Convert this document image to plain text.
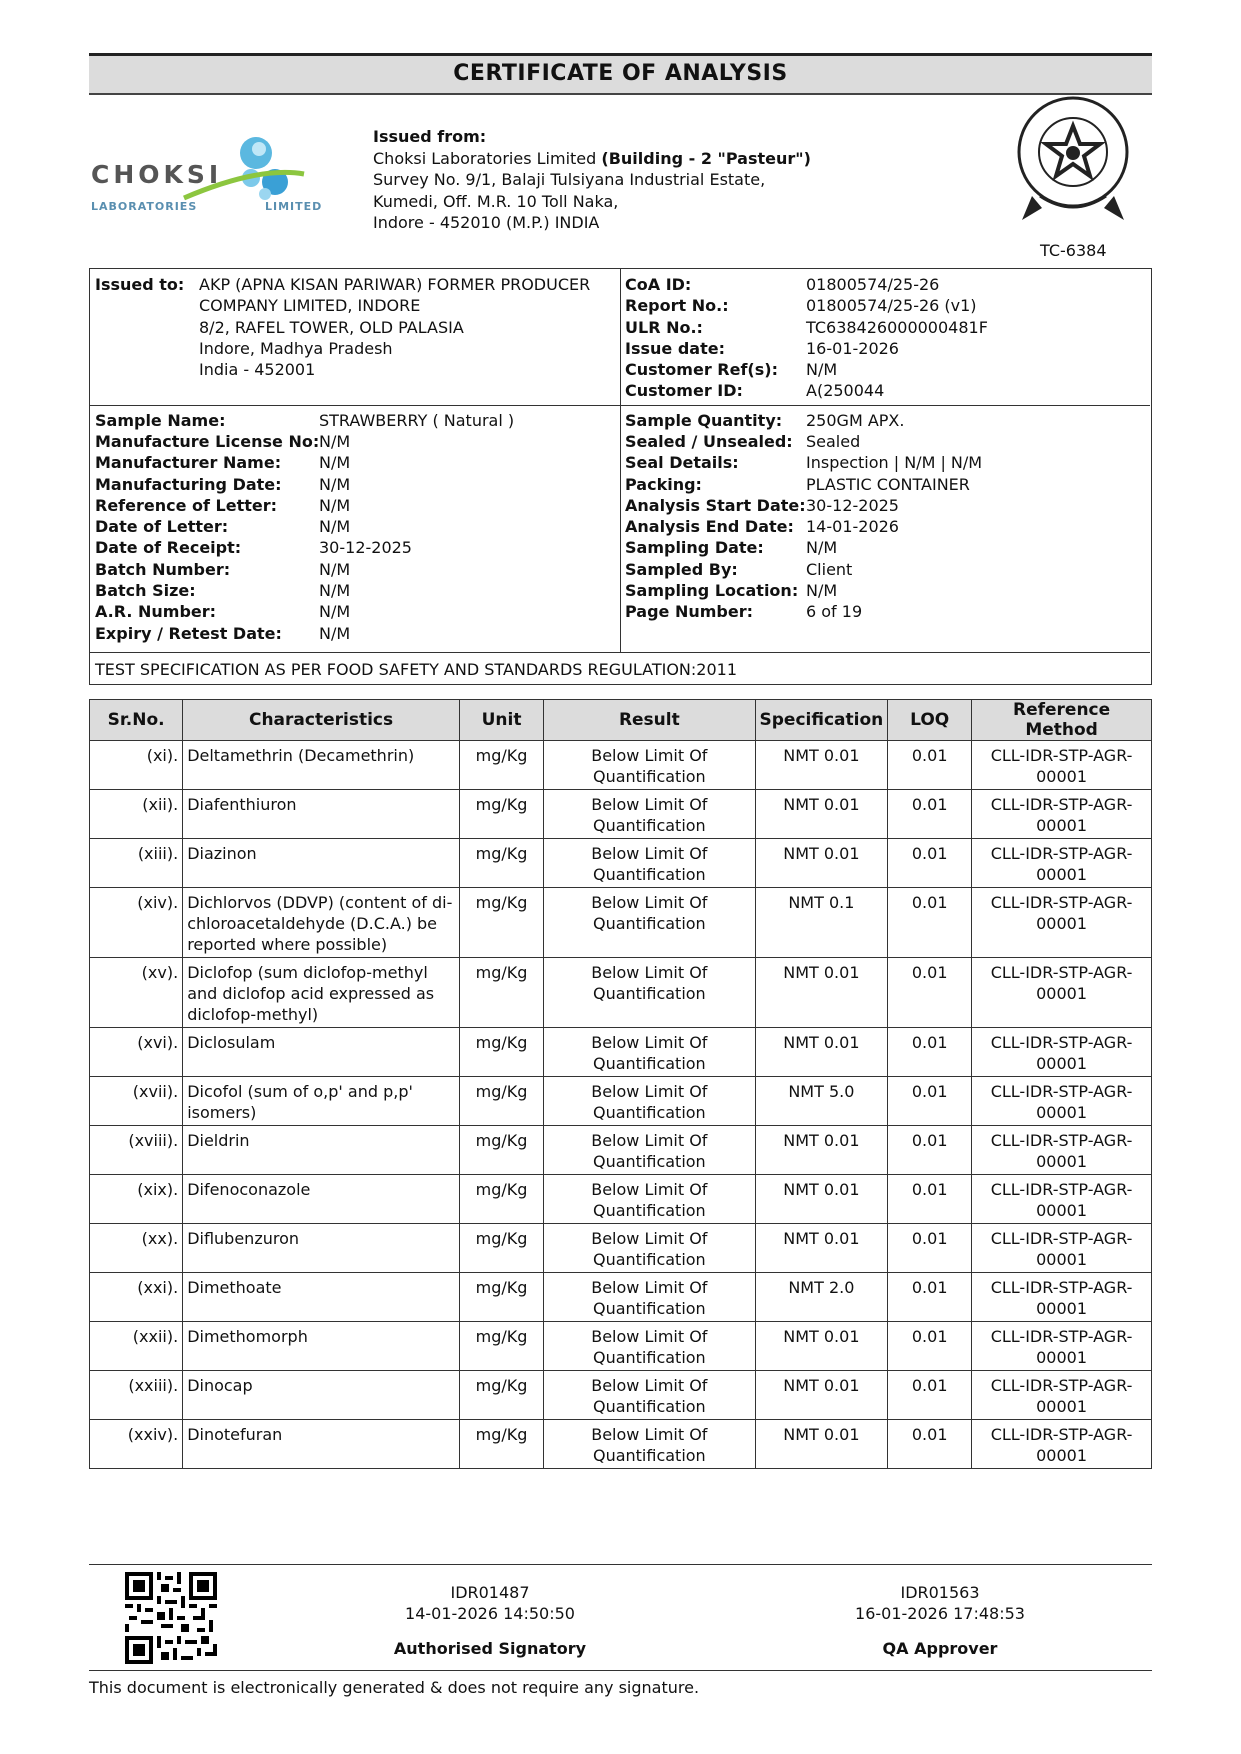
CERTIFICATE OF ANALYSIS
CHOKSI
LABORATORIES	LIMITED
Issued from:
Choksi Laboratories Limited (Building - 2 "Pasteur")
Survey No. 9/1, Balaji Tulsiyana Industrial Estate,
Kumedi, Off. M.R. 10 Toll Naka,
Indore - 452010 (M.P.) INDIA
TC-6384
Issued to: AKP (APNA KISAN PARIWAR) FORMER PRODUCER
COMPANY LIMITED, INDORE
8/2, RAFEL TOWER, OLD PALASIA
Indore, Madhya Pradesh
India - 452001
CoA ID:	01800574/25-26
Report No.:	01800574/25-26 (v1)
ULR No.:	TC638426000000481F
Issue date:	16-01-2026
Customer Ref(s): N/M
Customer ID:	A(250044
Sample Name:	STRAWBERRY ( Natural )
Manufacture License No: N/M
Manufacturer Name: N/M
Manufacturing Date: N/M
Reference of Letter:	N/M
Date of Letter:	N/M
Date of Receipt:	30-12-2025
Batch Number:	N/M
Batch Size:	N/M
A.R. Number:	N/M
Expiry / Retest Date: N/M
Sample Quantity: 250GM APX.
Sealed / Unsealed: Sealed
Seal Details:	Inspection | N/M | N/M
Packing:	PLASTIC CONTAINER
Analysis Start Date: 30-12-2025
Analysis End Date: 14-01-2026
Sampling Date:	N/M
Sampled By:	Client
Sampling Location: N/M
Page Number:	6 of 19
TEST SPECIFICATION AS PER FOOD SAFETY AND STANDARDS REGULATION:2011
Sr.No.	Characteristics	Unit	Result	Specification	LOQ	Reference Method
(xi).	Deltamethrin (Decamethrin)	mg/Kg	Below Limit Of Quantification	NMT 0.01	0.01	CLL-IDR-STP-AGR-00001
(xii).	Diafenthiuron	mg/Kg	Below Limit Of Quantification	NMT 0.01	0.01	CLL-IDR-STP-AGR-00001
(xiii).	Diazinon	mg/Kg	Below Limit Of Quantification	NMT 0.01	0.01	CLL-IDR-STP-AGR-00001
(xiv).	Dichlorvos (DDVP) (content of di-chloroacetaldehyde (D.C.A.) be reported where possible)	mg/Kg	Below Limit Of Quantification	NMT 0.1	0.01	CLL-IDR-STP-AGR-00001
(xv).	Diclofop (sum diclofop-methyl and diclofop acid expressed as diclofop-methyl)	mg/Kg	Below Limit Of Quantification	NMT 0.01	0.01	CLL-IDR-STP-AGR-00001
(xvi).	Diclosulam	mg/Kg	Below Limit Of Quantification	NMT 0.01	0.01	CLL-IDR-STP-AGR-00001
(xvii).	Dicofol (sum of o,p' and p,p' isomers)	mg/Kg	Below Limit Of Quantification	NMT 5.0	0.01	CLL-IDR-STP-AGR-00001
(xviii).	Dieldrin	mg/Kg	Below Limit Of Quantification	NMT 0.01	0.01	CLL-IDR-STP-AGR-00001
(xix).	Difenoconazole	mg/Kg	Below Limit Of Quantification	NMT 0.01	0.01	CLL-IDR-STP-AGR-00001
(xx).	Diflubenzuron	mg/Kg	Below Limit Of Quantification	NMT 0.01	0.01	CLL-IDR-STP-AGR-00001
(xxi).	Dimethoate	mg/Kg	Below Limit Of Quantification	NMT 2.0	0.01	CLL-IDR-STP-AGR-00001
(xxii).	Dimethomorph	mg/Kg	Below Limit Of Quantification	NMT 0.01	0.01	CLL-IDR-STP-AGR-00001
(xxiii).	Dinocap	mg/Kg	Below Limit Of Quantification	NMT 0.01	0.01	CLL-IDR-STP-AGR-00001
(xxiv).	Dinotefuran	mg/Kg	Below Limit Of Quantification	NMT 0.01	0.01	CLL-IDR-STP-AGR-00001
IDR01487
14-01-2026 14:50:50
Authorised Signatory
IDR01563
16-01-2026 17:48:53
QA Approver
This document is electronically generated & does not require any signature.
